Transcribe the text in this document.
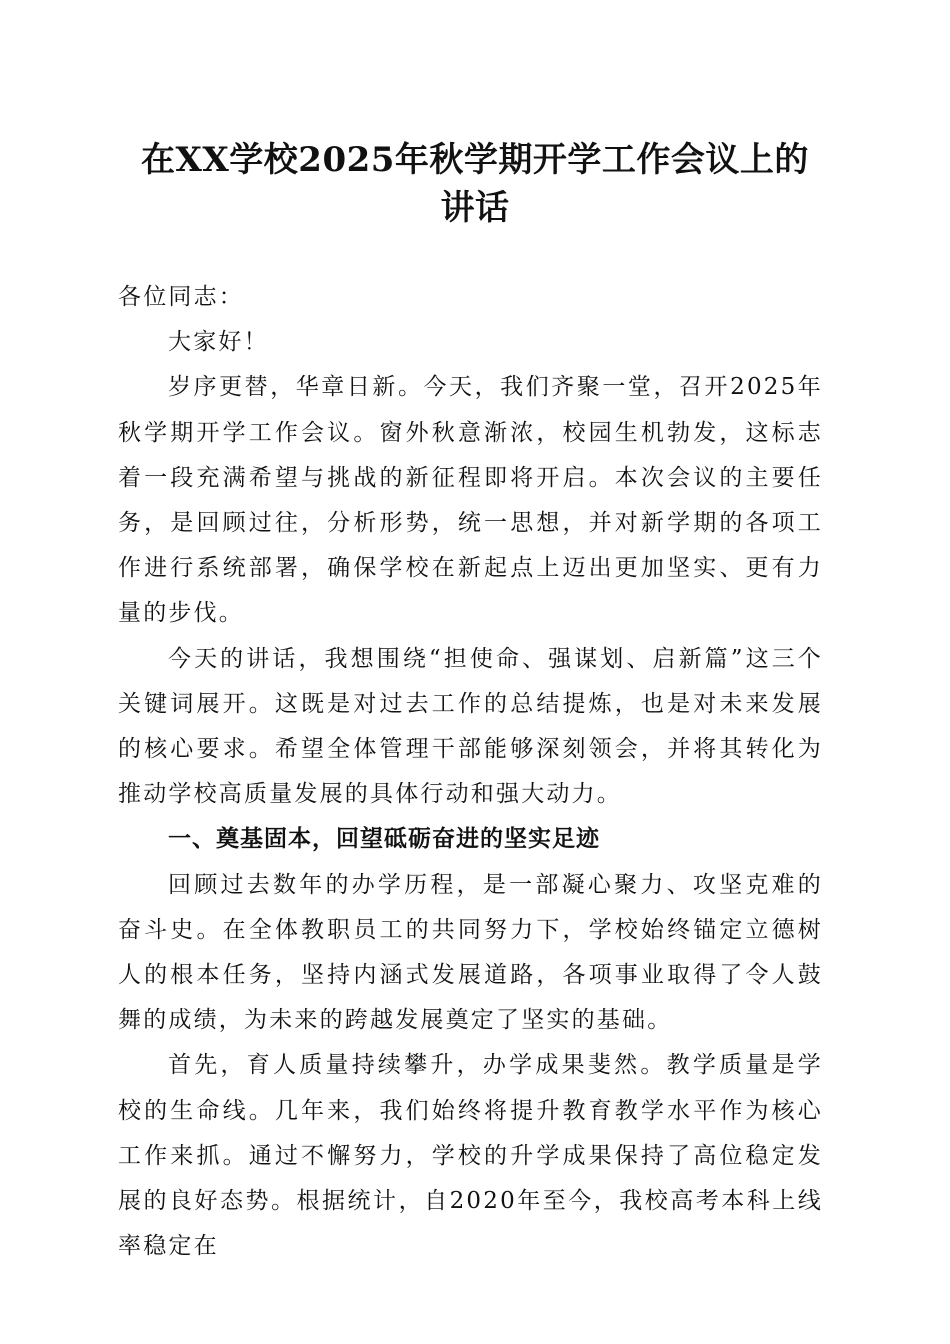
在XX学校2025年秋学期开学工作会议上的
讲话

各位同志：

大家好！

岁序更替，华章日新。今天，我们齐聚一堂，召开2025年秋学期开学工作会议。窗外秋意渐浓，校园生机勃发，这标志着一段充满希望与挑战的新征程即将开启。本次会议的主要任务，是回顾过往，分析形势，统一思想，并对新学期的各项工作进行系统部署，确保学校在新起点上迈出更加坚实、更有力量的步伐。

今天的讲话，我想围绕“担使命、强谋划、启新篇”这三个关键词展开。这既是对过去工作的总结提炼，也是对未来发展的核心要求。希望全体管理干部能够深刻领会，并将其转化为推动学校高质量发展的具体行动和强大动力。

一、奠基固本，回望砥砺奋进的坚实足迹

回顾过去数年的办学历程，是一部凝心聚力、攻坚克难的奋斗史。在全体教职员工的共同努力下，学校始终锚定立德树人的根本任务，坚持内涵式发展道路，各项事业取得了令人鼓舞的成绩，为未来的跨越发展奠定了坚实的基础。

首先，育人质量持续攀升，办学成果斐然。教学质量是学校的生命线。几年来，我们始终将提升教育教学水平作为核心工作来抓。通过不懈努力，学校的升学成果保持了高位稳定发展的良好态势。根据统计，自2020年至今，我校高考本科上线率稳定在
